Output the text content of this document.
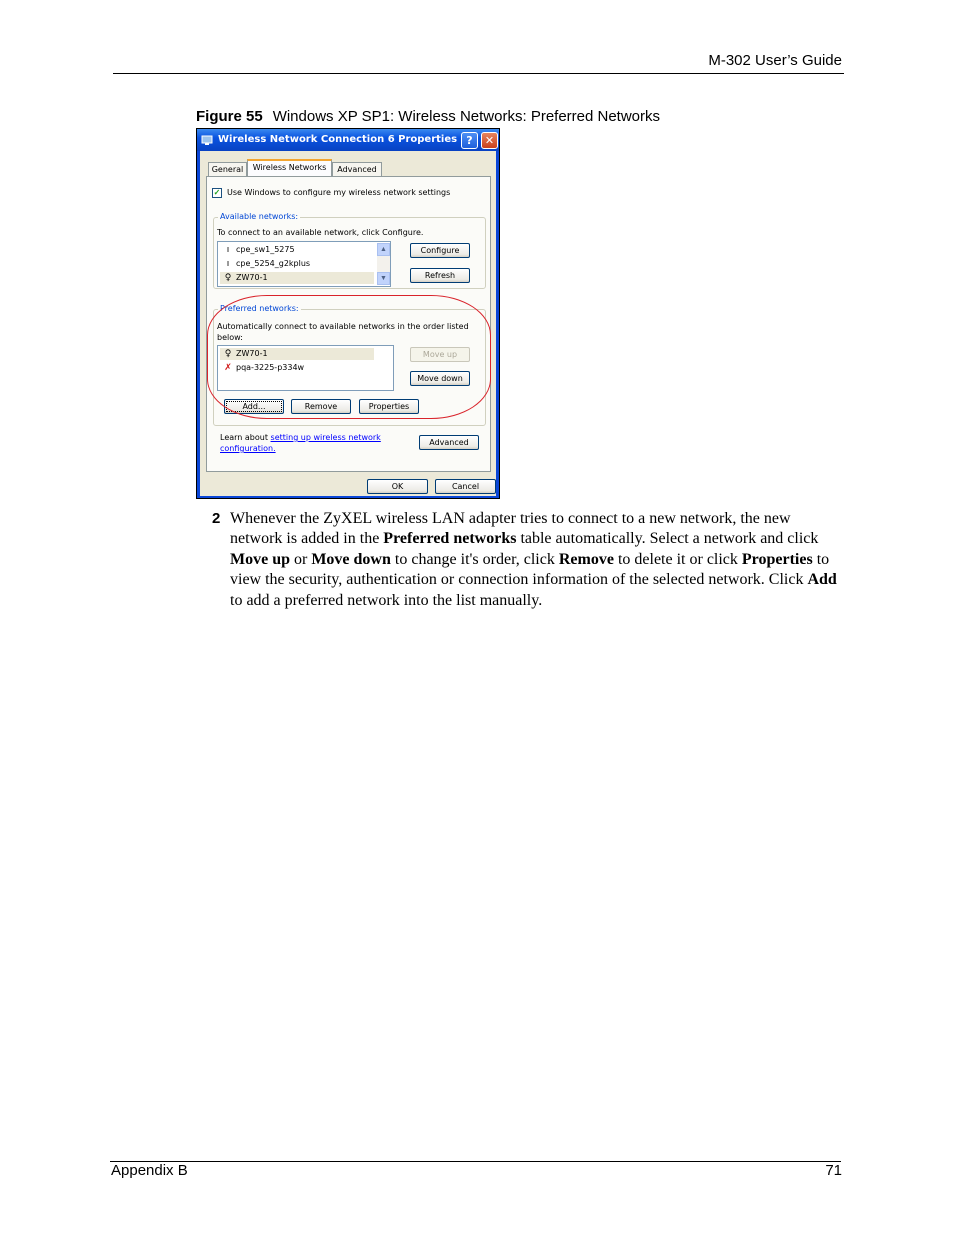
M-302 User’s Guide
Figure 55 Windows XP SP1: Wireless Networks: Preferred Networks
Wireless Network Connection 6 Properties ?	✕
General	Wireless Networks	Advanced
✓ Use Windows to configure my wireless network settings
Available networks:
To connect to an available network, click Configure.
ı cpe_sw1_5275
ı cpe_5254_g2kplus
♀ ZW70-1
▲
▼
Configure
Refresh
Preferred networks:
Automatically connect to available networks in the order listed
below:
♀ ZW70-1
✗ pqa-3225-p334w
Move up
Move down
Add...	Remove	Properties
Learn about setting up wireless network
configuration.
Advanced
OK	Cancel
2 Whenever the ZyXEL wireless LAN adapter tries to connect to a new network, the new network is added in the Preferred networks table automatically. Select a network and click Move up or Move down to change it's order, click Remove to delete it or click Properties to view the security, authentication or connection information of the selected network. Click Add to add a preferred network into the list manually.
Appendix B	71
